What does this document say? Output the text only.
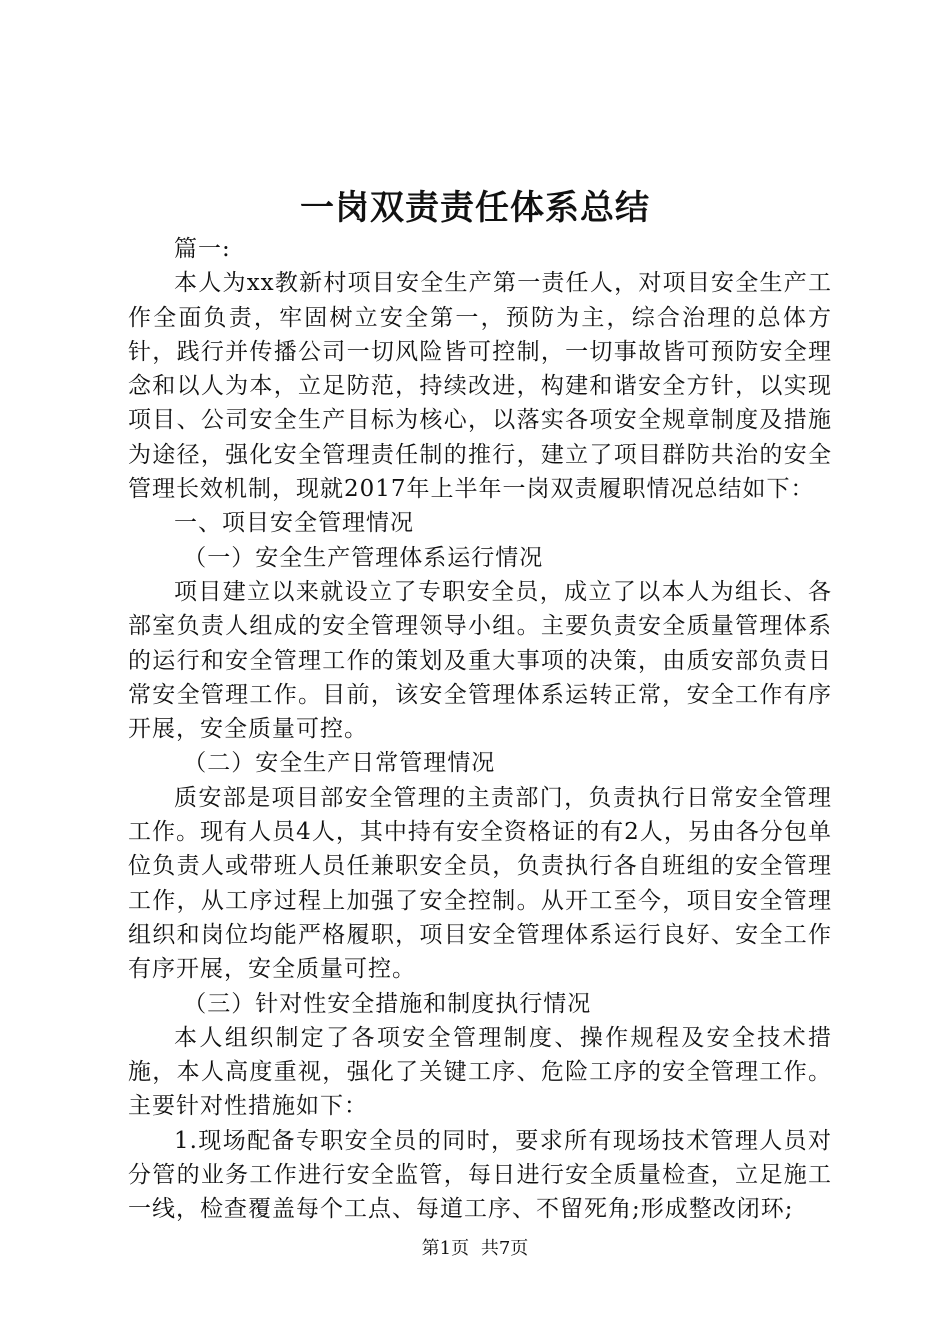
一岗双责责任体系总结

篇一:

本人为xx教新村项目安全生产第一责任人，对项目安全生产工作全面负责，牢固树立安全第一，预防为主，综合治理的总体方针，践行并传播公司一切风险皆可控制，一切事故皆可预防安全理念和以人为本，立足防范，持续改进，构建和谐安全方针，以实现项目、公司安全生产目标为核心，以落实各项安全规章制度及措施为途径，强化安全管理责任制的推行，建立了项目群防共治的安全管理长效机制，现就2017年上半年一岗双责履职情况总结如下：

一、项目安全管理情况

（一）安全生产管理体系运行情况

项目建立以来就设立了专职安全员，成立了以本人为组长、各部室负责人组成的安全管理领导小组。主要负责安全质量管理体系的运行和安全管理工作的策划及重大事项的决策，由质安部负责日常安全管理工作。目前，该安全管理体系运转正常，安全工作有序开展，安全质量可控。

（二）安全生产日常管理情况

质安部是项目部安全管理的主责部门，负责执行日常安全管理工作。现有人员4人，其中持有安全资格证的有2人，另由各分包单位负责人或带班人员任兼职安全员，负责执行各自班组的安全管理工作，从工序过程上加强了安全控制。从开工至今，项目安全管理组织和岗位均能严格履职，项目安全管理体系运行良好、安全工作有序开展，安全质量可控。

（三）针对性安全措施和制度执行情况

本人组织制定了各项安全管理制度、操作规程及安全技术措施，本人高度重视，强化了关键工序、危险工序的安全管理工作。主要针对性措施如下：

1.现场配备专职安全员的同时，要求所有现场技术管理人员对分管的业务工作进行安全监管，每日进行安全质量检查，立足施工一线，检查覆盖每个工点、每道工序、不留死角;形成整改闭环;

第1页 共7页
